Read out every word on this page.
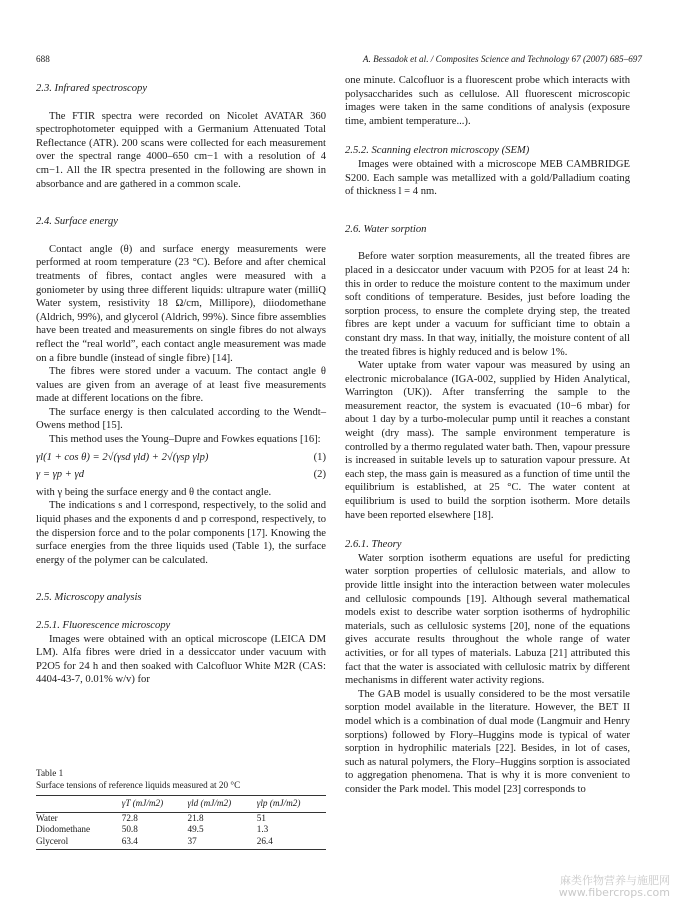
688	A. Bessadok et al. / Composites Science and Technology 67 (2007) 685–697
2.3. Infrared spectroscopy

The FTIR spectra were recorded on Nicolet AVATAR 360 spectrophotometer equipped with a Germanium Attenuated Total Reflectance (ATR). 200 scans were collected for each measurement over the spectral range 4000–650 cm−1 with a resolution of 4 cm−1. All the IR spectra presented in the following are shown in absorbance and are gathered in a common scale.

2.4. Surface energy

Contact angle (θ) and surface energy measurements were performed at room temperature (23 °C). Before and after chemical treatments of fibres, contact angles were measured with a goniometer by using three different liquids: ultrapure water (milliQ Water system, resistivity 18 Ω/cm, Millipore), diiodomethane (Aldrich, 99%), and glycerol (Aldrich, 99%). Since fibre assemblies have been treated and measurements on single fibres do not always reflect the “real world”, each contact angle measurement was made on a fibre bundle (instead of single fibre) [14].

The fibres were stored under a vacuum. The contact angle θ values are given from an average of at least five measurements made at different locations on the fibre.

The surface energy is then calculated according to the Wendt–Owens method [15].

This method uses the Young–Dupre and Fowkes equations [16]:

γl(1 + cos θ) = 2√(γsd γld) + 2√(γsp γlp)	(1)
γ = γp + γd	(2)

with γ being the surface energy and θ the contact angle.

The indications s and l correspond, respectively, to the solid and liquid phases and the exponents d and p correspond, respectively, to the dispersion force and to the polar components [17]. Knowing the surface energies from the three liquids used (Table 1), the surface energy of the polymer can be calculated.

2.5. Microscopy analysis
2.5.1. Fluorescence microscopy

Images were obtained with an optical microscope (LEICA DM LM). Alfa fibres were dried in a dessiccator under vacuum with P2O5 for 24 h and then soaked with Calcofluor White M2R (CAS: 4404-43-7, 0.01% w/v) for

Table 1
Surface tensions of reference liquids measured at 20 °C
	γT (mJ/m2)	γld (mJ/m2)	γlp (mJ/m2)
Water	72.8	21.8	51
Diodomethane	50.8	49.5	1.3
Glycerol	63.4	37	26.4

one minute. Calcofluor is a fluorescent probe which interacts with polysaccharides such as cellulose. All fluorescent microscopic images were taken in the same conditions of analysis (exposure time, ambient temperature...).

2.5.2. Scanning electron microscopy (SEM)

Images were obtained with a microscope MEB CAMBRIDGE S200. Each sample was metallized with a gold/Palladium coating of thickness l = 4 nm.

2.6. Water sorption

Before water sorption measurements, all the treated fibres are placed in a desiccator under vacuum with P2O5 for at least 24 h: this in order to reduce the moisture content to the maximum under soft conditions of temperature. Besides, just before loading the sorption process, to ensure the complete drying step, the treated fibres are kept under a vacuum for sufficiant time to obtain a constant dry mass. In that way, initially, the moisture content of all the treated fibres is highly reduced and is below 1%.

Water uptake from water vapour was measured by using an electronic microbalance (IGA-002, supplied by Hiden Analytical, Warrington (UK)). After transferring the sample to the measurement reactor, the system is evacuated (10−6 mbar) for about 1 day by a turbo-molecular pump until it reaches a constant weight (dry mass). The sample environment temperature is controlled by a thermo regulated water bath. Then, vapour pressure is increased in suitable levels up to saturation vapour pressure. At each step, the mass gain is measured as a function of time until the equilibrium is established, at 25 °C. The water content at equilibrium is used to build the sorption isotherm. More details have been reported elsewhere [18].

2.6.1. Theory

Water sorption isotherm equations are useful for predicting water sorption properties of cellulosic materials, and allow to provide little insight into the interaction between water molecules and cellulosic compounds [19]. Although several mathematical models exist to describe water sorption isotherms of hydrophilic materials, such as cellulosic systems [20], none of the equations gives accurate results throughout the whole range of water activities, or for all types of materials. Labuza [21] attributed this fact that the water is associated with cellulosic matrix by different mechanisms in different water activity regions.

The GAB model is usually considered to be the most versatile sorption model available in the literature. However, the BET II model which is a combination of dual mode (Langmuir and Henry sorptions) followed by Flory–Huggins mode is typical of water sorption in hydrophilic materials [22]. Besides, in lot of cases, such as natural polymers, the Flory–Huggins sorption is associated to aggregation phenomena. That is why it is more convenient to consider the Park model. This model [23] corresponds to

麻类作物营养与施肥网
www.fibercrops.com
